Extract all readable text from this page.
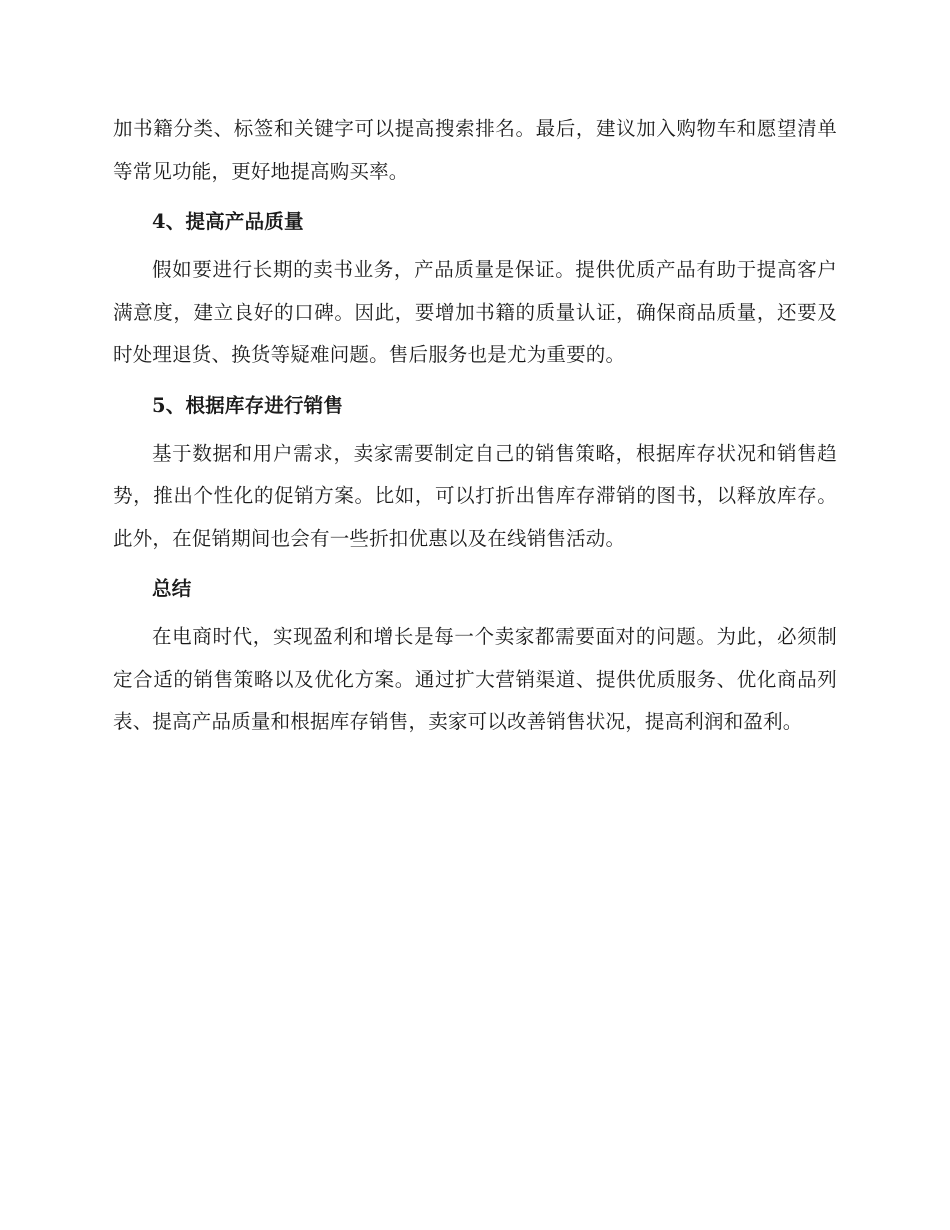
加书籍分类、标签和关键字可以提高搜索排名。最后，建议加入购物车和愿望清单等常见功能，更好地提高购买率。

4、提高产品质量

假如要进行长期的卖书业务，产品质量是保证。提供优质产品有助于提高客户满意度，建立良好的口碑。因此，要增加书籍的质量认证，确保商品质量，还要及时处理退货、换货等疑难问题。售后服务也是尤为重要的。

5、根据库存进行销售

基于数据和用户需求，卖家需要制定自己的销售策略，根据库存状况和销售趋势，推出个性化的促销方案。比如，可以打折出售库存滞销的图书，以释放库存。此外，在促销期间也会有一些折扣优惠以及在线销售活动。

总结

在电商时代，实现盈利和增长是每一个卖家都需要面对的问题。为此，必须制定合适的销售策略以及优化方案。通过扩大营销渠道、提供优质服务、优化商品列表、提高产品质量和根据库存销售，卖家可以改善销售状况，提高利润和盈利。
